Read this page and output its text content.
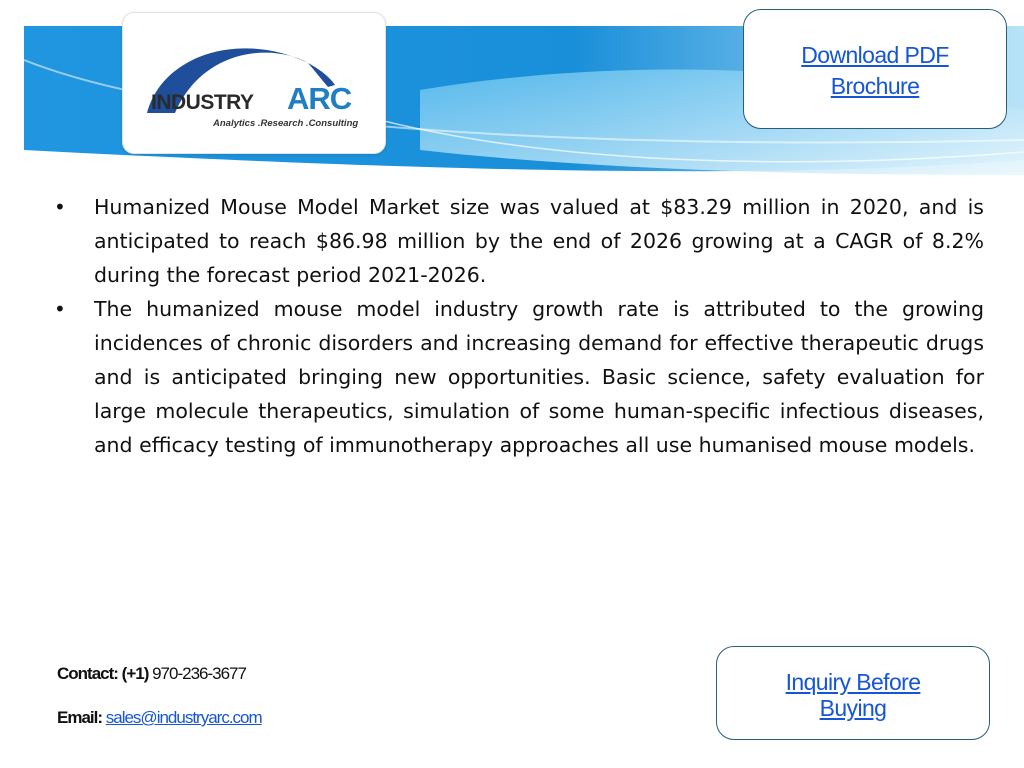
INDUSTRY ARC
Analytics .Research .Consulting
Download PDF
Brochure
• Humanized Mouse Model Market size was valued at $83.29 million in 2020, and is anticipated to reach $86.98 million by the end of 2026 growing at a CAGR of 8.2% during the forecast period 2021-2026.
• The humanized mouse model industry growth rate is attributed to the growing incidences of chronic disorders and increasing demand for effective therapeutic drugs and is anticipated bringing new opportunities. Basic science, safety evaluation for large molecule therapeutics, simulation of some human-specific infectious diseases, and efficacy testing of immunotherapy approaches all use humanised mouse models.
Contact: (+1) 970-236-3677
Email: sales@industryarc.com
Inquiry Before
Buying
